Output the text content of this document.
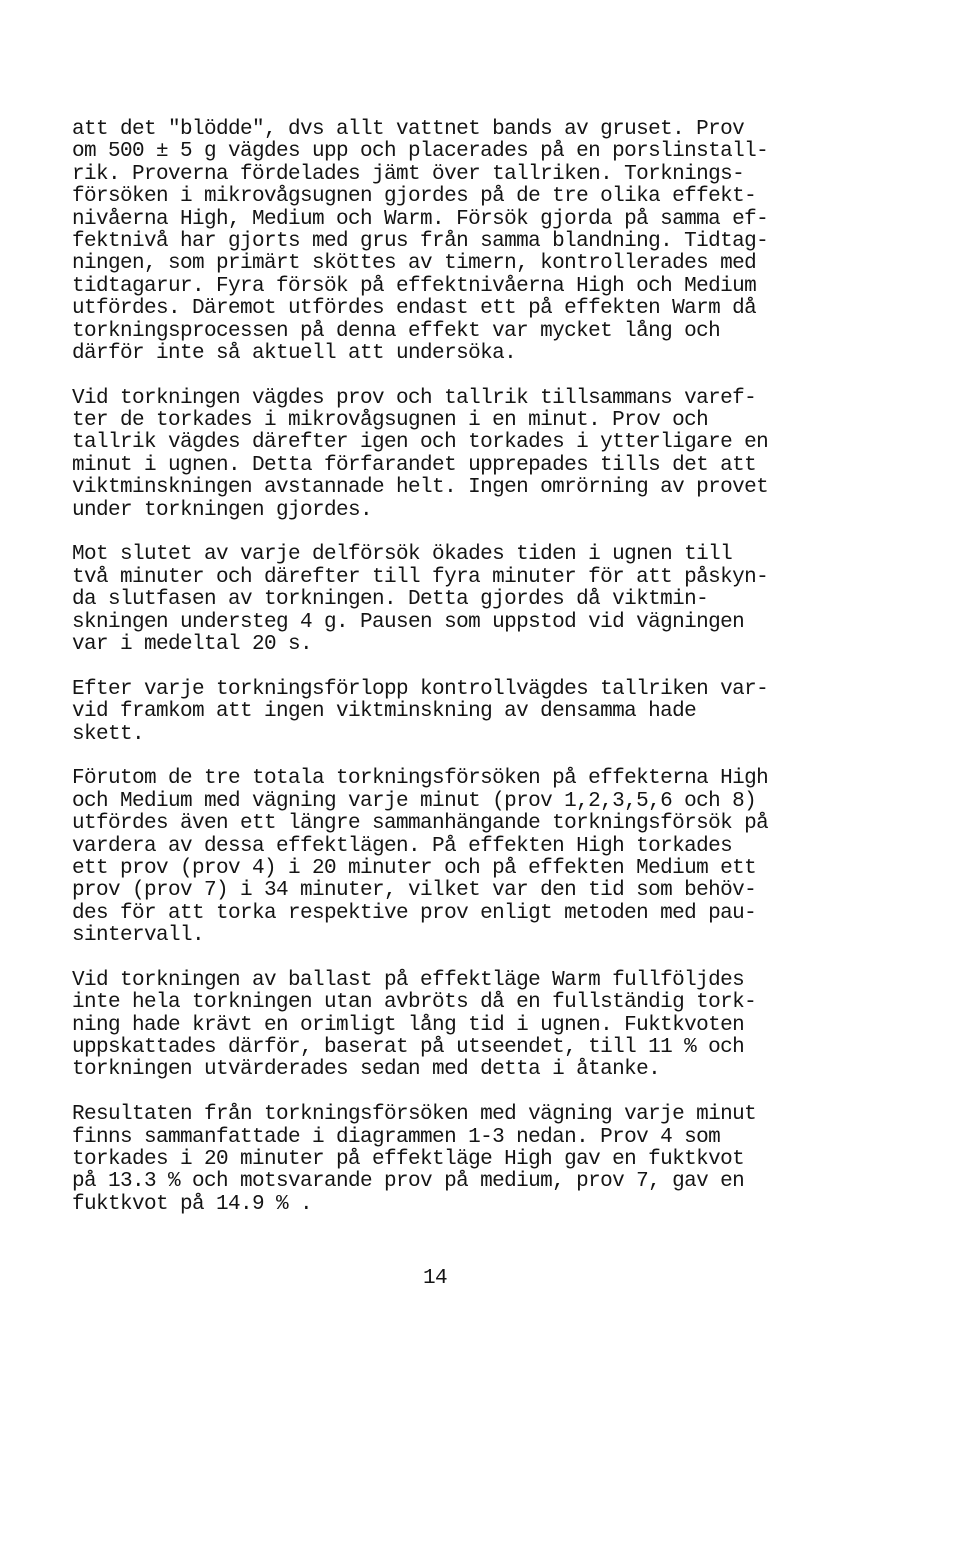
att det "blödde", dvs allt vattnet bands av gruset. Prov
om 500 ± 5 g vägdes upp och placerades på en porslinstall-
rik. Proverna fördelades jämt över tallriken. Torknings-
försöken i mikrovågsugnen gjordes på de tre olika effekt-
nivåerna High, Medium och Warm. Försök gjorda på samma ef-
fektnivå har gjorts med grus från samma blandning. Tidtag-
ningen, som primärt sköttes av timern, kontrollerades med
tidtagarur. Fyra försök på effektnivåerna High och Medium
utfördes. Däremot utfördes endast ett på effekten Warm då
torkningsprocessen på denna effekt var mycket lång och
därför inte så aktuell att undersöka.

Vid torkningen vägdes prov och tallrik tillsammans varef-
ter de torkades i mikrovågsugnen i en minut. Prov och
tallrik vägdes därefter igen och torkades i ytterligare en
minut i ugnen. Detta förfarandet upprepades tills det att
viktminskningen avstannade helt. Ingen omrörning av provet
under torkningen gjordes.

Mot slutet av varje delförsök ökades tiden i ugnen till
två minuter och därefter till fyra minuter för att påskyn-
da slutfasen av torkningen. Detta gjordes då viktmin-
skningen understeg 4 g. Pausen som uppstod vid vägningen
var i medeltal 20 s.

Efter varje torkningsförlopp kontrollvägdes tallriken var-
vid framkom att ingen viktminskning av densamma hade
skett.

Förutom de tre totala torkningsförsöken på effekterna High
och Medium med vägning varje minut (prov 1,2,3,5,6 och 8)
utfördes även ett längre sammanhängande torkningsförsök på
vardera av dessa effektlägen. På effekten High torkades
ett prov (prov 4) i 20 minuter och på effekten Medium ett
prov (prov 7) i 34 minuter, vilket var den tid som behöv-
des för att torka respektive prov enligt metoden med pau-
sintervall.

Vid torkningen av ballast på effektläge Warm fullföljdes
inte hela torkningen utan avbröts då en fullständig tork-
ning hade krävt en orimligt lång tid i ugnen. Fuktkvoten
uppskattades därför, baserat på utseendet, till 11 % och
torkningen utvärderades sedan med detta i åtanke.

Resultaten från torkningsförsöken med vägning varje minut
finns sammanfattade i diagrammen 1-3 nedan. Prov 4 som
torkades i 20 minuter på effektläge High gav en fuktkvot
på 13.3 % och motsvarande prov på medium, prov 7, gav en
fuktkvot på 14.9 % .

14
